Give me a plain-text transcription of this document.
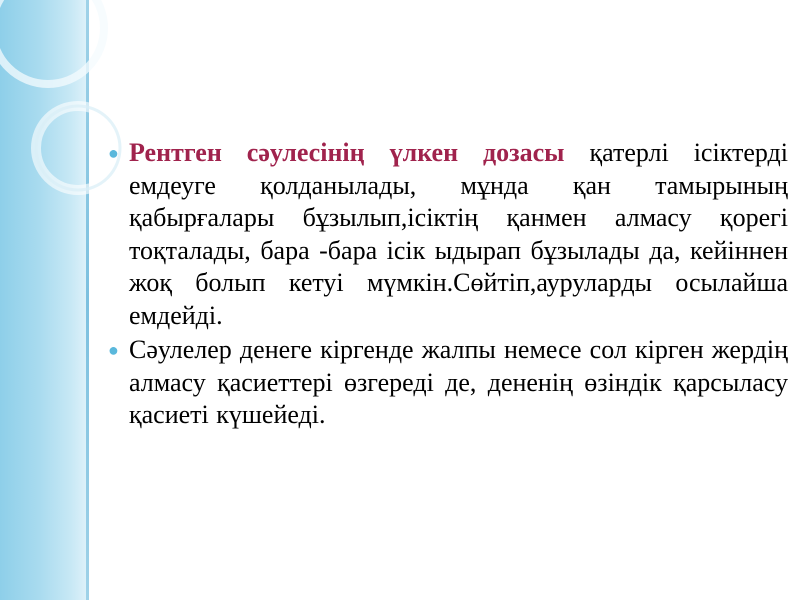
● Рентген сәулесінің үлкен дозасы қатерлі ісіктерді емдеуге қолданылады, мұнда қан тамырының қабырғалары бұзылып,ісіктің қанмен алмасу қорегі тоқталады, бара -бара ісік ыдырап бұзылады да, кейіннен жоқ болып кетуі мүмкін.Сөйтіп,ауруларды осылайша емдейді.
● Сәулелер денеге кіргенде жалпы немесе сол кірген жердің алмасу қасиеттері өзгереді де, дененің өзіндік қарсыласу қасиеті күшейеді.
